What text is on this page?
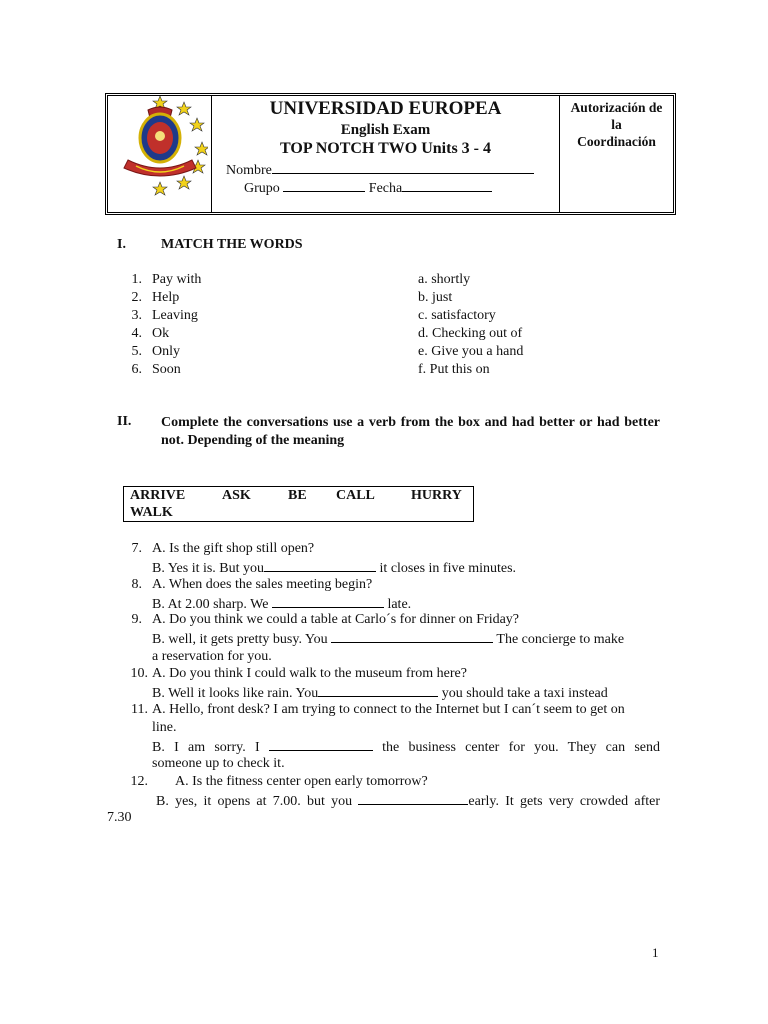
UNIVERSIDAD EUROPEA
English Exam
TOP NOTCH TWO Units 3 - 4
Nombre
Grupo	Fecha
Autorización de
la
Coordinación
I.	MATCH THE WORDS
1. Pay with
2. Help
3. Leaving
4. Ok
5. Only
6. Soon
a. shortly
b. just
c. satisfactory
d. Checking out of
e. Give you a hand
f. Put this on
II. Complete the conversations use a verb from the box and had better or had better not. Depending of the meaning
ARRIVE	ASK	BE CALL	HURRY
WALK
7. A. Is the gift shop still open?
B. Yes it is. But you	it closes in five minutes.
8. A. When does the sales meeting begin?
B. At 2.00 sharp. We	late.
9. A. Do you think we could a table at Carlo´s for dinner on Friday?
B. well, it gets pretty busy. You	The concierge to make
a reservation for you.
10. A. Do you think I could walk to the museum from here?
B. Well it looks like rain. You	you should take a taxi instead
11. A. Hello, front desk? I am trying to connect to the Internet but I can´t seem to get on
line.
B. I am sorry. I	the business center for you. They can send
someone up to check it.
12. A. Is the fitness center open early tomorrow?
B. yes, it opens at 7.00. but you	early. It gets very crowded after
7.30
1
